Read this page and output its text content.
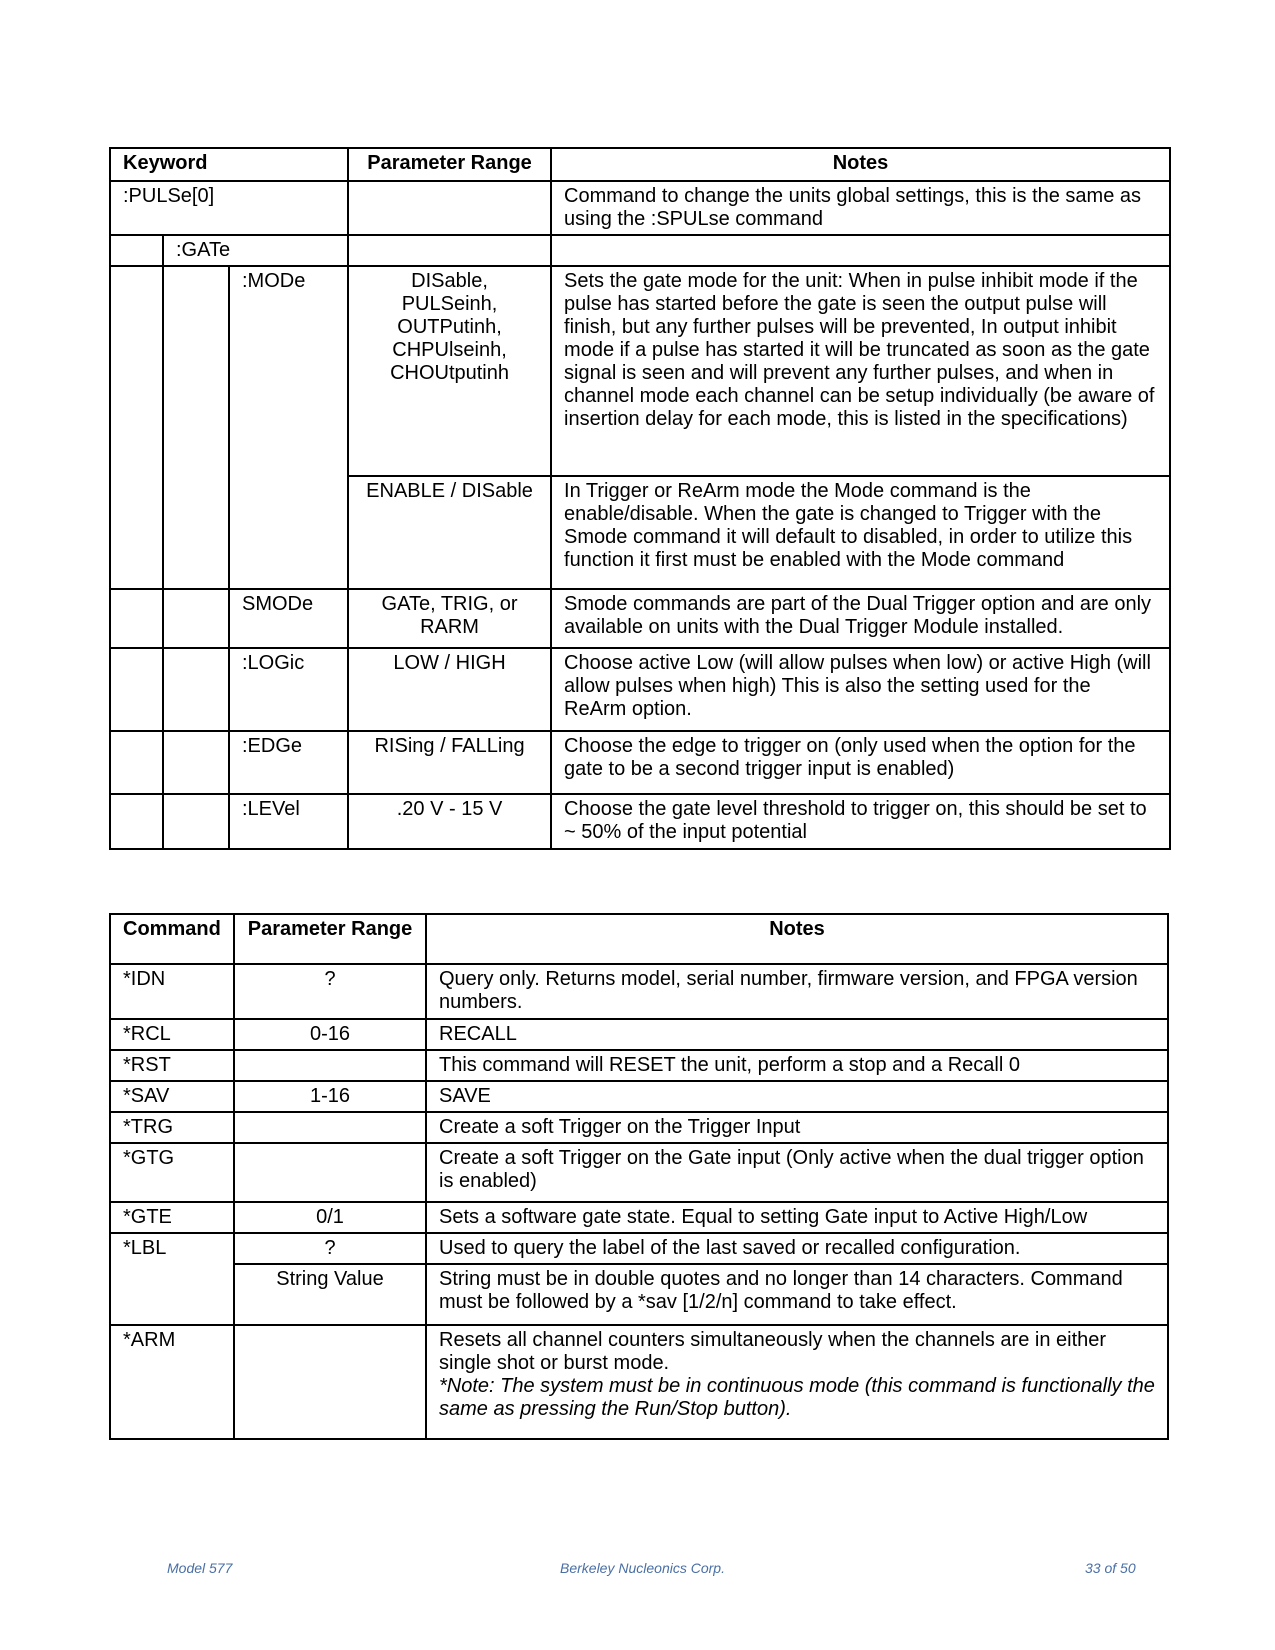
Keyword			Parameter Range	Notes
:PULSe[0]				Command to change the units global settings, this is the same as using the :SPULse command
	:GATe			
		:MODe	DISable, PULSeinh, OUTPutinh, CHPUlseinh, CHOUtputinh	Sets the gate mode for the unit: When in pulse inhibit mode if the pulse has started before the gate is seen the output pulse will finish, but any further pulses will be prevented, In output inhibit mode if a pulse has started it will be truncated as soon as the gate signal is seen and will prevent any further pulses, and when in channel mode each channel can be setup individually (be aware of insertion delay for each mode, this is listed in the specifications)
			ENABLE / DISable	In Trigger or ReArm mode the Mode command is the enable/disable. When the gate is changed to Trigger with the Smode command it will default to disabled, in order to utilize this function it first must be enabled with the Mode command
		SMODe	GATe, TRIG, or RARM	Smode commands are part of the Dual Trigger option and are only available on units with the Dual Trigger Module installed.
		:LOGic	LOW / HIGH	Choose active Low (will allow pulses when low) or active High (will allow pulses when high) This is also the setting used for the ReArm option.
		:EDGe	RISing / FALLing	Choose the edge to trigger on (only used when the option for the gate to be a second trigger input is enabled)
		:LEVel	.20 V - 15 V	Choose the gate level threshold to trigger on, this should be set to ~ 50% of the input potential
Command	Parameter Range	Notes
*IDN	?	Query only. Returns model, serial number, firmware version, and FPGA version numbers.
*RCL	0-16	RECALL
*RST		This command will RESET the unit, perform a stop and a Recall 0
*SAV	1-16	SAVE
*TRG		Create a soft Trigger on the Trigger Input
*GTG		Create a soft Trigger on the Gate input (Only active when the dual trigger option is enabled)
*GTE	0/1	Sets a software gate state. Equal to setting Gate input to Active High/Low
*LBL	?	Used to query the label of the last saved or recalled configuration.
	String Value	String must be in double quotes and no longer than 14 characters. Command must be followed by a *sav [1/2/n] command to take effect.
*ARM		Resets all channel counters simultaneously when the channels are in either single shot or burst mode.
*Note: The system must be in continuous mode (this command is functionally the same as pressing the Run/Stop button).
Model 577	Berkeley Nucleonics Corp.	33 of 50
